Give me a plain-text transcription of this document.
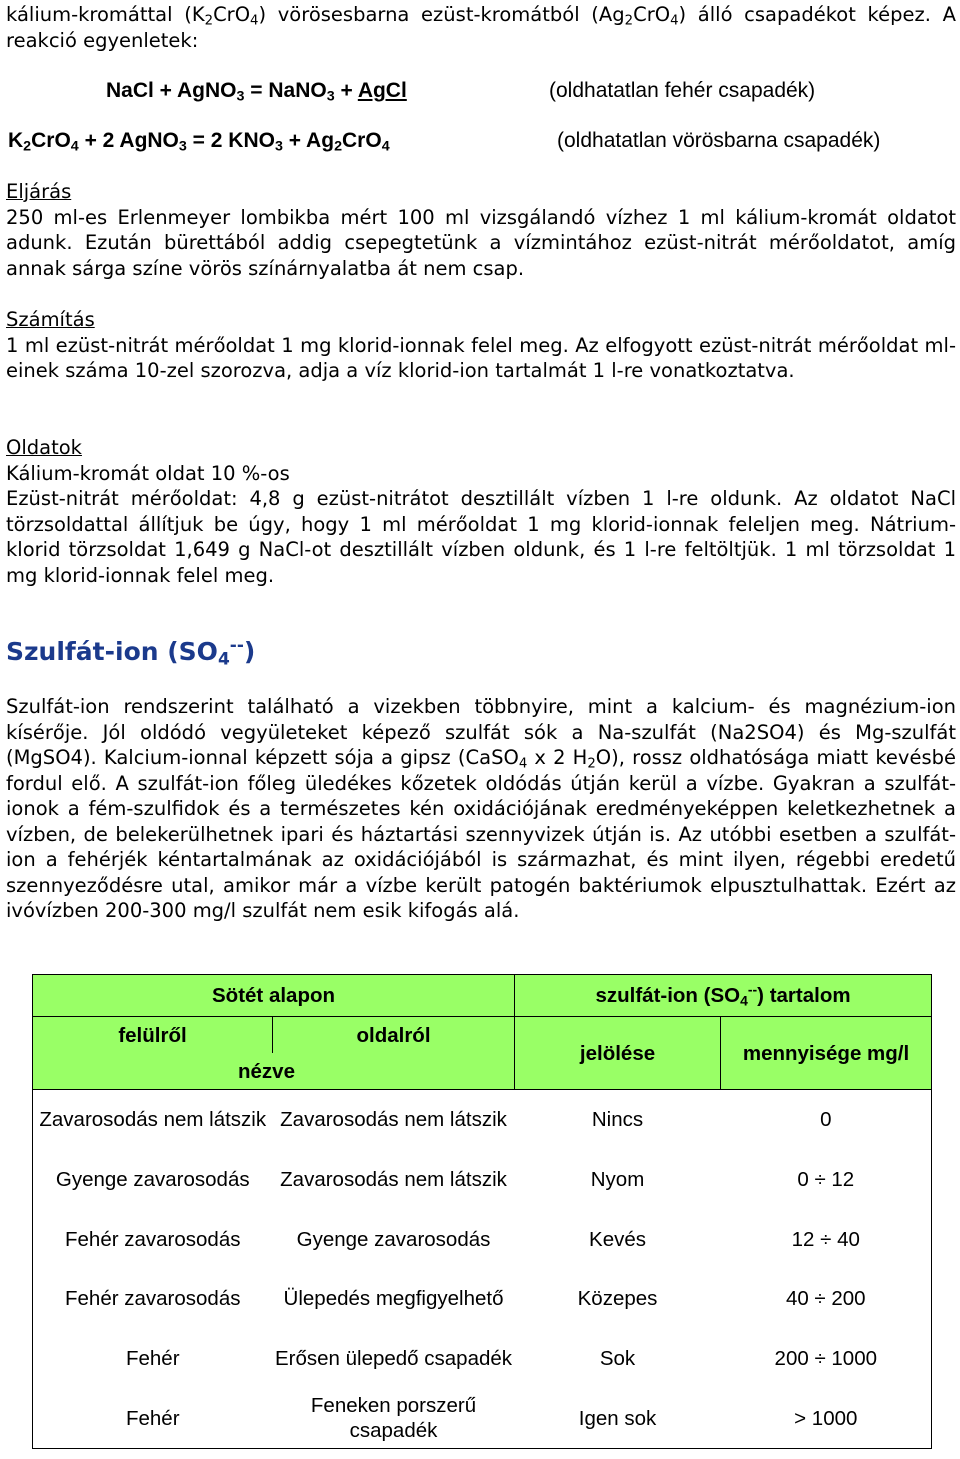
kálium-kromáttal $(K_2CrO_4)$ vörösesbarna ezüst-kromátból $(Ag_2CrO_4)$ álló csapadékot képez. A reakció egyenletek:
NaCl + AgNO$_3$ = NaNO$_3$ + AgCl	(oldhatatlan fehér csapadék)
$K_2CrO_4 + 2$ AgNO$_3$ = 2 $KNO_3 + Ag_2CrO_4$	(oldhatatlan vörösbarna csapadék)
Eljárás
250 ml-es Erlenmeyer lombikba mért 100 ml vizsgálandó vízhez 1 ml kálium-kromát oldatot adunk. Ezután bürettából addig csepegtetünk a vízmintához ezüst-nitrát mérőoldatot, amíg annak sárga színe vörös színárnyalatba át nem csap.
Számítás
1 ml ezüst-nitrát mérőoldat 1 mg klorid-ionnak felel meg. Az elfogyott ezüst-nitrát mérőoldat ml-einek száma 10-zel szorozva, adja a víz klorid-ion tartalmát 1 l-re vonatkoztatva.
Oldatok
Kálium-kromát oldat 10 %-os
Ezüst-nitrát mérőoldat: 4,8 g ezüst-nitrátot desztillált vízben 1 l-re oldunk. Az oldatot NaCl törzsoldattal állítjuk be úgy, hogy 1 ml mérőoldat 1 mg klorid-ionnak feleljen meg. Nátrium-klorid törzsoldat 1,649 g NaCl-ot desztillált vízben oldunk, és 1 l-re feltöltjük. 1 ml törzsoldat 1 mg klorid-ionnak felel meg.
Szulfát-ion $(SO_4^{--})$
Szulfát-ion rendszerint található a vizekben többnyire, mint a kalcium- és magnézium-ion kísérője. Jól oldódó vegyületeket képező szulfát sók a Na-szulfát (Na2SO4) és Mg-szulfát (MgSO4). Kalcium-ionnal képzett sója a gipsz (CaSO$_4$ x 2 $H_2O$), rossz oldhatósága miatt kevésbé fordul elő. A szulfát-ion főleg üledékes kőzetek oldódás útján kerül a vízbe. Gyakran a szulfát-ionok a fém-szulfidok és a természetes kén oxidációjának eredményeképpen keletkezhetnek a vízben, de belekerülhetnek ipari és háztartási szennyvizek útján is. Az utóbbi esetben a szulfát-ion a fehérjék kéntartalmának az oxidációjából is származhat, és mint ilyen, régebbi eredetű szennyeződésre utal, amikor már a vízbe került patogén baktériumok elpusztulhattak. Ezért az ivóvízben 200-300 mg/l szulfát nem esik kifogás alá.
Sötét alapon		szulfát-ion $(SO_4^{--})$ tartalom	
felülről	oldalról	jelölése	mennyisége mg/l
nézve			
Zavarosodás nem látszik	Zavarosodás nem látszik	Nincs	0
Gyenge zavarosodás	Zavarosodás nem látszik	Nyom	0 ÷ 12
Fehér zavarosodás	Gyenge zavarosodás	Kevés	12 ÷ 40
Fehér zavarosodás	Ülepedés megfigyelhető	Közepes	40 ÷ 200
Fehér	Erősen ülepedő csapadék	Sok	200 ÷ 1000
Fehér	Feneken porszerű csapadék	Igen sok	> 1000
